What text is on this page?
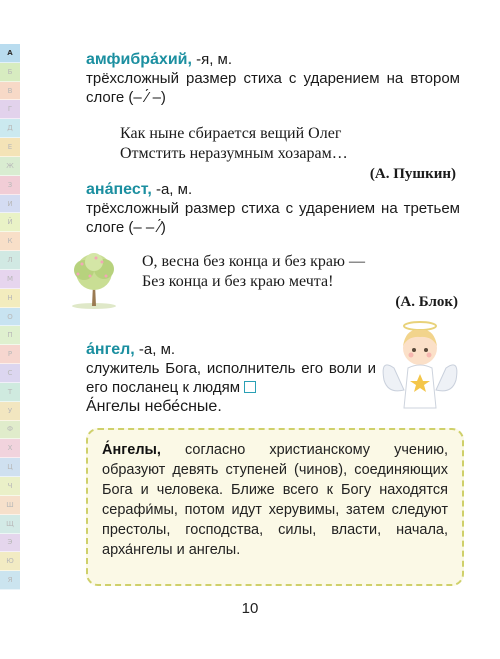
А
Б
В
Г
Д
Е
Ж
З
И
Й
К
Л
М
Н
О
П
Р
С
Т
У
Ф
Х
Ц
Ч
Ш
Щ
Э
Ю
Я
амфибра́хий, -я, м.
трёхсложный размер стиха с ударением на втором слоге (– ⁄́ –)
Как ныне сбирается вещий Олег
Отмстить неразумным хозарам…
(А. Пушкин)
ана́пест, -а, м.
трёхсложный размер стиха с ударением на третьем слоге (– – ⁄́)
О, весна без конца и без краю —
Без конца и без краю мечта!
(А. Блок)
а́нгел, -а, м.
служитель Бога, исполнитель его воли и его посланец к людям
А́нгелы небе́сные.
А́нгелы, согласно христианскому учению, образуют девять ступеней (чинов), соединяющих Бога и человека. Ближе всего к Богу находятся серафи́мы, потом идут херувимы, затем следуют престолы, господства, силы, власти, начала, арха́нгелы и ангелы.
10
